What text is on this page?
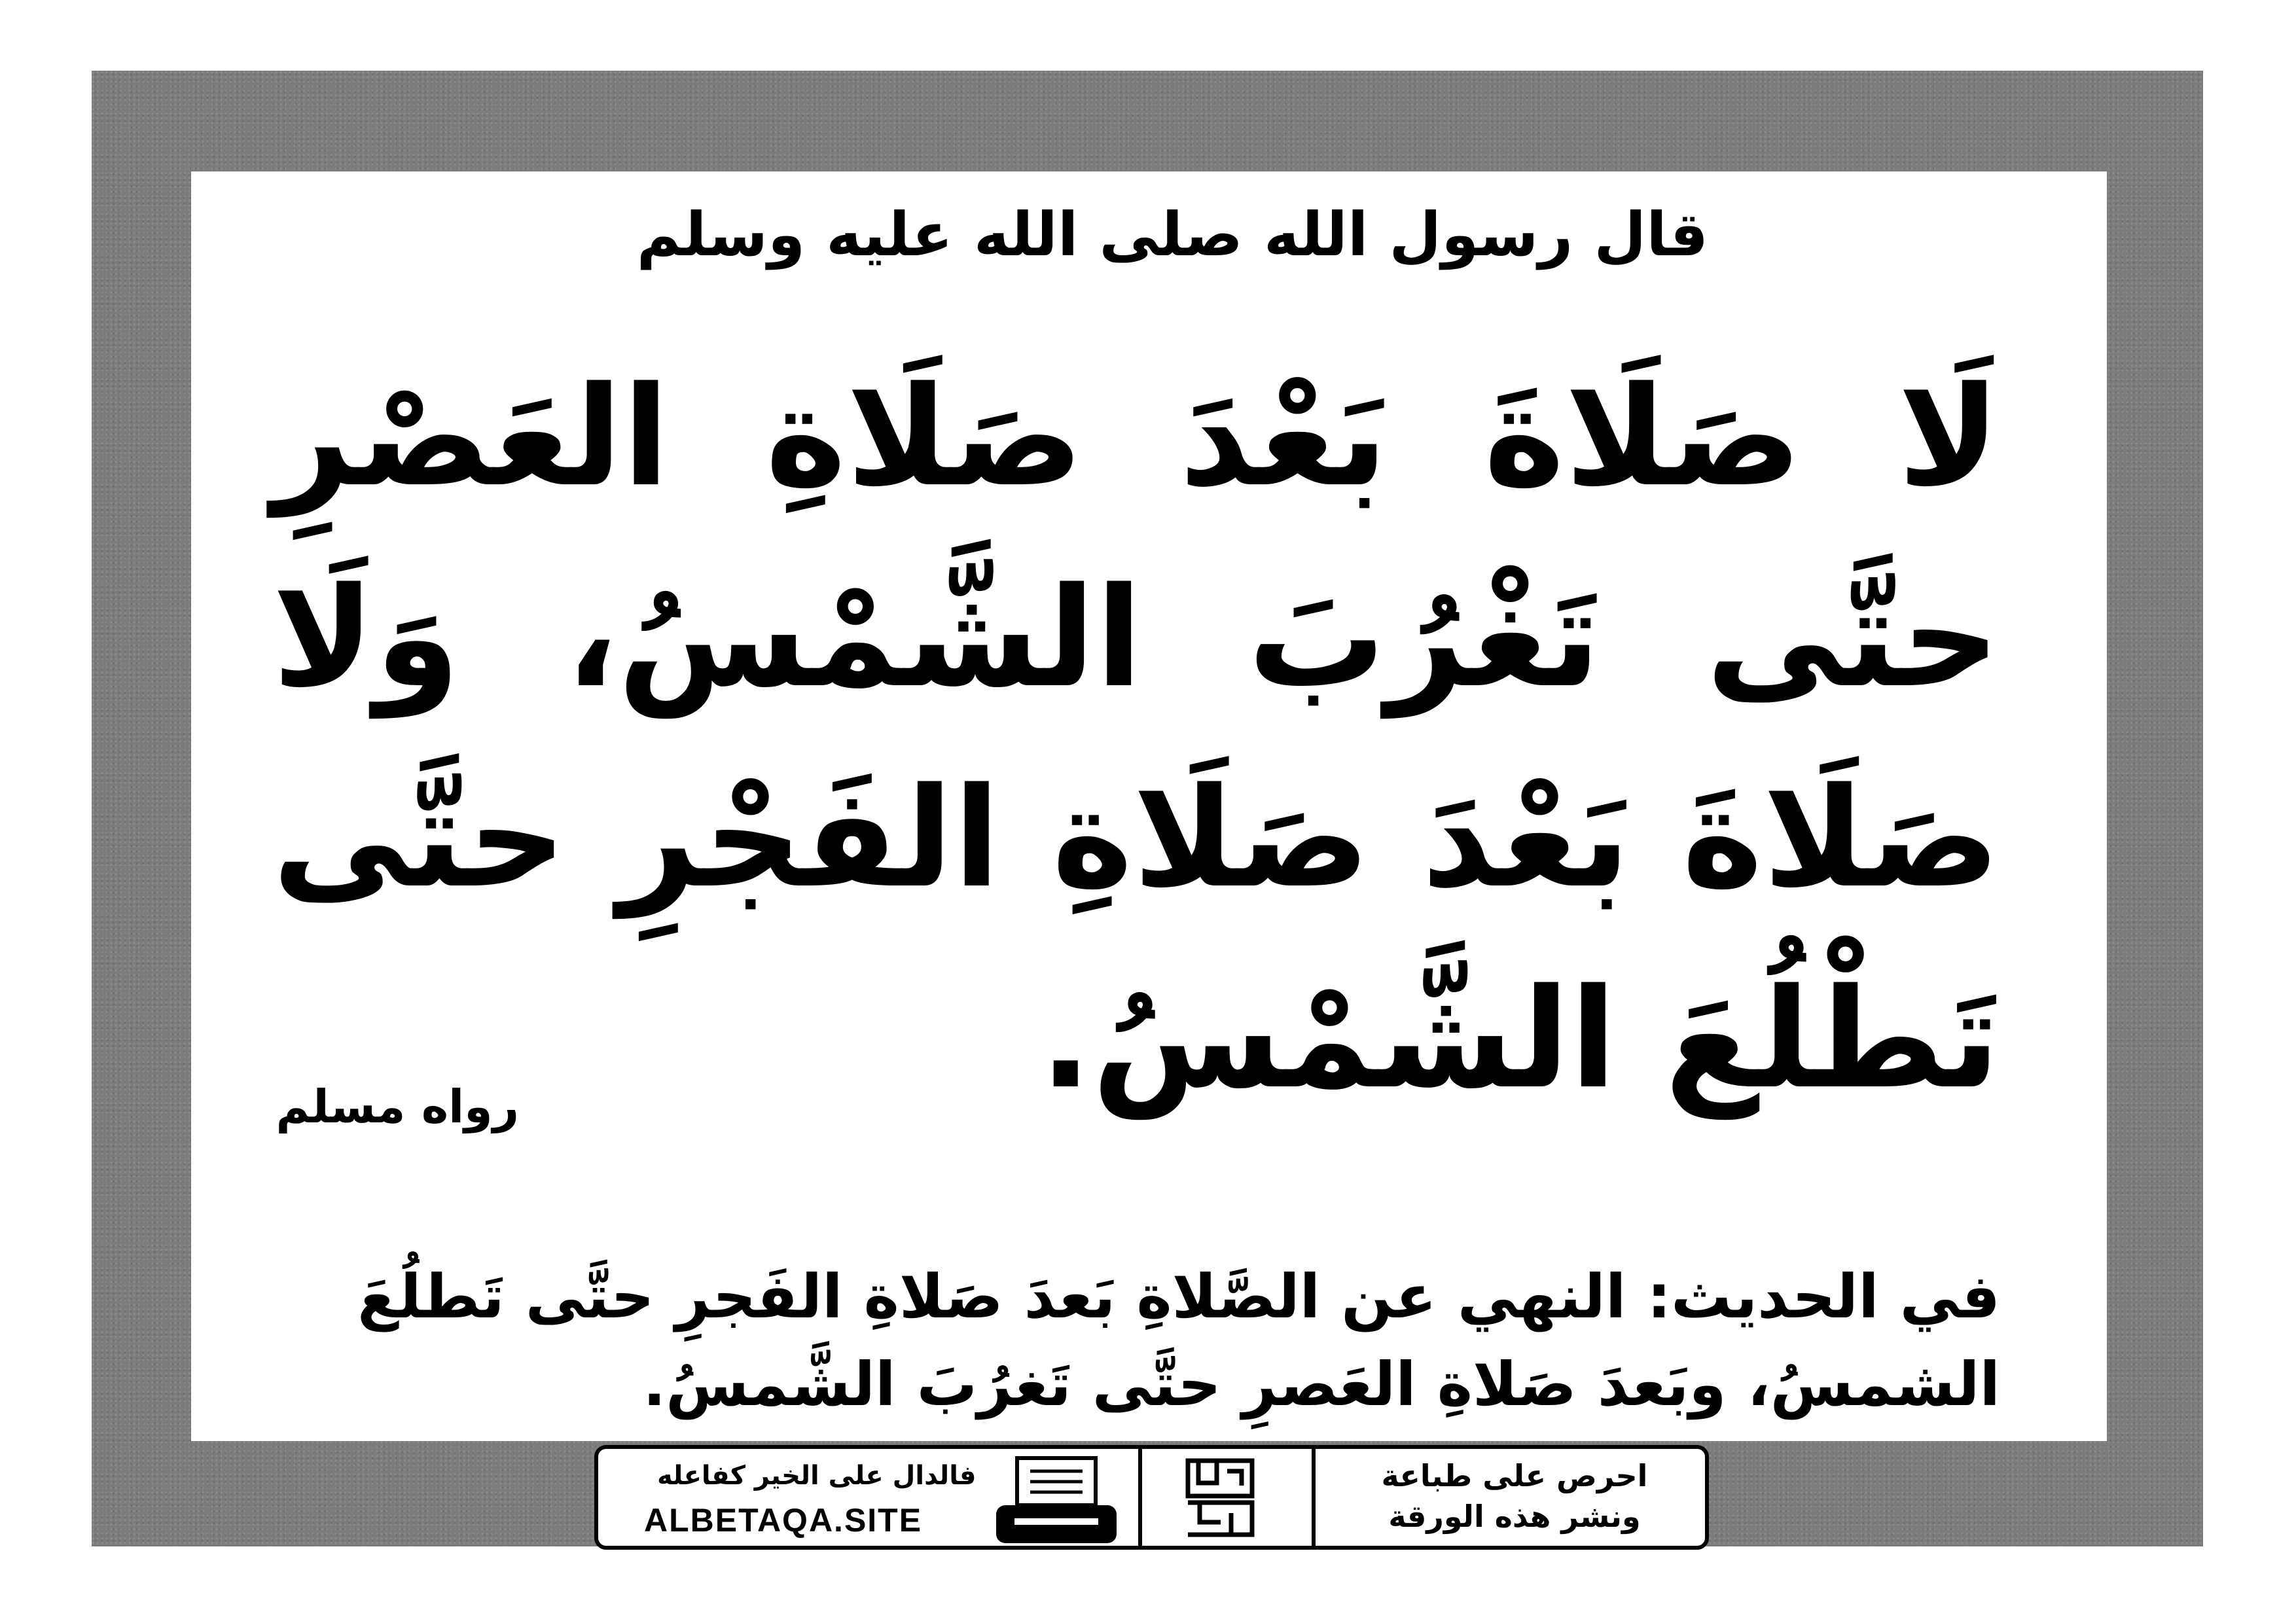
قال رسول الله صلى الله عليه وسلم

لَا صَلَاةَ بَعْدَ صَلَاةِ العَصْرِ حتَّى تَغْرُبَ الشَّمْسُ، وَلَا صَلَاةَ بَعْدَ صَلَاةِ الفَجْرِ حتَّى تَطْلُعَ الشَّمْسُ.

رواه مسلم

في الحديث: النهي عن الصَّلاةِ بَعدَ صَلاةِ الفَجرِ حتَّى تَطلُعَ الشمسُ، وبَعدَ صَلاةِ العَصرِ حتَّى تَغرُبَ الشَّمسُ.

فالدال على الخير كفاعله
ALBETAQA.SITE
احرص على طباعة
ونشر هذه الورقة
